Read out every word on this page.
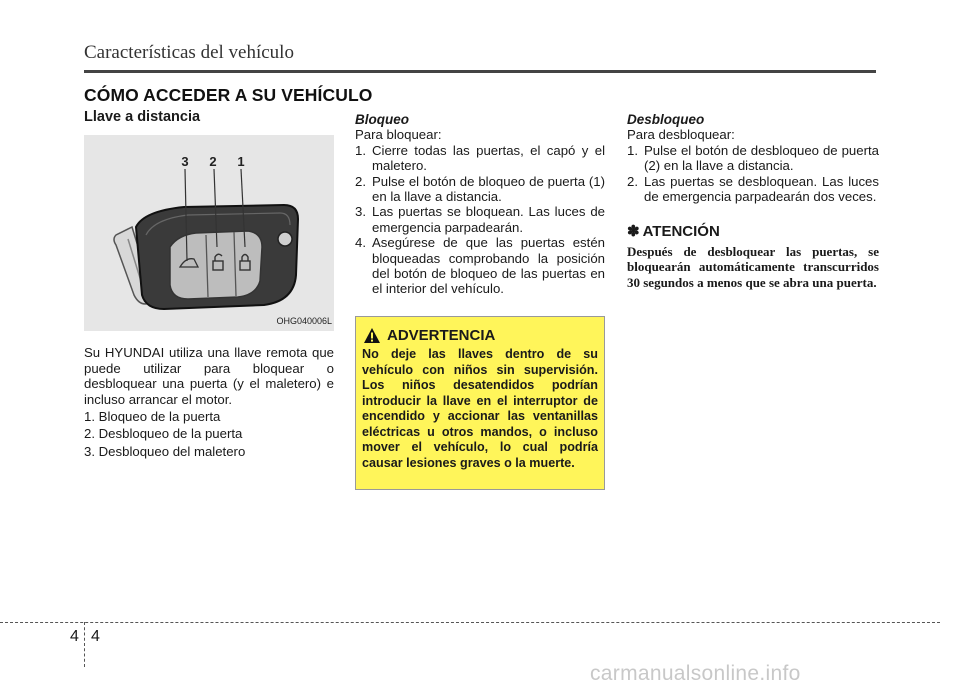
Características del vehículo
CÓMO ACCEDER A SU VEHÍCULO
Llave a distancia
3 2 1
OHG040006L

Su HYUNDAI utiliza una llave remota que puede utilizar para bloquear o desbloquear una puerta (y el maletero) e incluso arrancar el motor.

1. Bloqueo de la puerta
2. Desbloqueo de la puerta
3. Desbloqueo del maletero
Bloqueo
Para bloquear:
1. Cierre todas las puertas, el capó y el maletero.
2. Pulse el botón de bloqueo de puerta (1) en la llave a distancia.
3. Las puertas se bloquean. Las luces de emergencia parpadearán.
4. Asegúrese de que las puertas estén bloqueadas comprobando la posición del botón de bloqueo de las puertas en el interior del vehículo.
ADVERTENCIA
No deje las llaves dentro de su vehículo con niños sin supervisión. Los niños desatendidos podrían introducir la llave en el interruptor de encendido y accionar las ventanillas eléctricas u otros mandos, o incluso mover el vehículo, lo cual podría causar lesiones graves o la muerte.
Desbloqueo
Para desbloquear:
1. Pulse el botón de desbloqueo de puerta (2) en la llave a distancia.
2. Las puertas se desbloquean. Las luces de emergencia parpadearán dos veces.
✽ ATENCIÓN
Después de desbloquear las puertas, se bloquearán automáticamente transcurridos 30 segundos a menos que se abra una puerta.
4 4
carmanualsonline.info
